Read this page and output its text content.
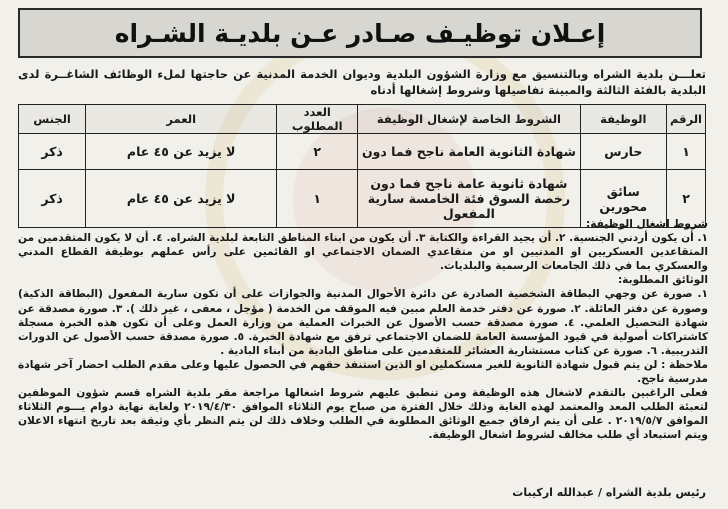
إعـلان توظيـف صـادر عـن بلديـة الشـراه
تعلـــن بلدية الشراه وبالتنسيق مع وزارة الشؤون البلدية وديوان الخدمة المدنية عن حاجتها لملء الوظائف الشاغــرة لدى البلدية بالفئة الثالثة والمبينة تفاصيلها وشروط إشغالها أدناه
الرقم	الوظيفة	الشروط الخاصة لإشغال الوظيفة	العدد المطلوب	العمر	الجنس
١	حارس	شهادة الثانوية العامة ناجح فما دون	٢	لا يزيد عن ٤٥ عام	ذكر
٢	سائق محورين	شهادة ثانوية عامة ناجح فما دون رخصة السوق فئة الخامسة سارية المفعول	١	لا يزيد عن ٤٥ عام	ذكر

شروط اشغال الوظيفة:

١. أن يكون أردني الجنسية. ٢. أن يجيد القراءة والكتابة ٣. أن يكون من ابناء المناطق التابعة لبلدية الشراه. ٤. أن لا يكون المتقدمين من المتقاعدين العسكريين او المدنيين او من متقاعدي الضمان الاجتماعي او القائمين على رأس عملهم بوظيفة القطاع المدني والعسكري بما في ذلك الجامعات الرسمية والبلديات.

الوثائق المطلوبة:

١. صورة عن وجهي البطاقة الشخصية الصادرة عن دائرة الأحوال المدنية والجوازات على أن تكون سارية المفعول (البطاقة الذكية) وصورة عن دفتر العائلة. ٢. صورة عن دفتر خدمة العلم مبين فيه الموقف من الخدمة ( مؤجل ، معفى ، غير ذلك ). ٣. صورة مصدقة عن شهادة التحصيل العلمي. ٤. صورة مصدقة حسب الأصول عن الخبرات العملية من وزارة العمل وعلى أن تكون هذه الخبرة مسجلة كاشتراكات أصولية في قيود المؤسسة العامة للضمان الاجتماعي ترفق مع شهادة الخبرة. ٥. صورة مصدقة حسب الأصول عن الدورات التدريبية. ٦. صورة عن كتاب مستشارية العشائر للمتقدمين على مناطق البادية من أبناء البادية .

ملاحظة : لن يتم قبول شهادة الثانوية للغير مستكملين او الذين استنفذ حقهم في الحصول عليها وعلى مقدم الطلب احضار آخر شهادة مدرسية ناجح.

فعلى الراغبين بالتقدم لاشغال هذه الوظيفة ومن تنطبق عليهم شروط اشغالها مراجعة مقر بلدية الشراه قسم شؤون الموظفين لتعبئة الطلب المعد والمعتمد لهذه الغاية وذلك خلال الفترة من صباح يوم الثلاثاء الموافق ٢٠١٩/٤/٣٠ ولغاية نهاية دوام يـــوم الثلاثاء الموافق ٢٠١٩/٥/٧ . على أن يتم ارفاق جميع الوثائق المطلوبة في الطلب وخلاف ذلك لن يتم النظر بأي وثيقة بعد تاريخ انتهاء الاعلان ويتم استبعاد أي طلب مخالف لشروط اشغال الوظيفة.

رئيس بلدية الشراه / عبدالله اركيبات
